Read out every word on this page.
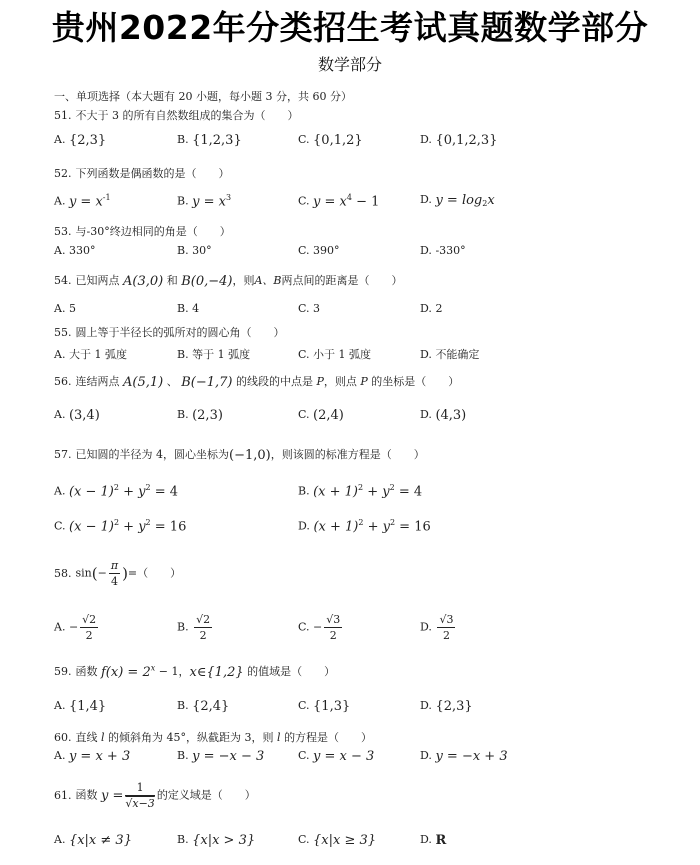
贵州2022年分类招生考试真题数学部分
数学部分
一、单项选择（本大题有 20 小题，每小题 3 分，共 60 分）
51. 不大于 3 的所有自然数组成的集合为（　　）
A. {2,3}	B. {1,2,3}	C. {0,1,2}	D. {0,1,2,3}
52. 下列函数是偶函数的是（　　）
A. $y = x^{-1}$	B. $y = x^3$	C. $y = x^4 - 1$	D. $y = \log_2x$
53. 与-30°终边相同的角是（　　）
A. 330°	B. 30°	C. 390°	D. -330°
54. 已知两点 A(3,0) 和 B(0,−4)，则A、B两点间的距离是（　　）
A. 5	B. 4	C. 3	D. 2
55. 圆上等于半径长的弧所对的圆心角（　　）
A. 大于 1 弧度	B. 等于 1 弧度	C. 小于 1 弧度	D. 不能确定
56. 连结两点 A(5,1) 、 B(−1,7) 的线段的中点是 P，则点 P 的坐标是（　　）
A. (3,4)	B. (2,3)	C. (2,4)	D. (4,3)
57. 已知圆的半径为 4，圆心坐标为(−1,0)，则该圆的标准方程是（　　）
A. $(x - 1)^2 + y^2 = 4$	B. $(x + 1)^2 + y^2 = 4$
C. $(x - 1)^2 + y^2 = 16$	D. $(x + 1)^2 + y^2 = 16$
58. $\sin(- \frac{\pi}{4}$ )=（　　）
A. − $\frac{√2}{2}$	B. $\frac{√2}{2}$	C. − $\frac{√3}{2}$	D. $\frac{√3}{2}$
59. 函数 $f(x) = 2^x - 1$，x∈{1,2} 的值域是（　　）
A. {1,4}	B. {2,4}	C. {1,3}	D. {2,3}
60. 直线 l 的倾斜角为 45°，纵截距为 3，则 l 的方程是（　　）
A. y = x + 3	B. y = −x − 3	C. y = x − 3	D. y = −x + 3
61. 函数 $y = \frac{1}{√x-3}$ 的定义域是（　　）
A. {x|x ≠ 3}	B. {x|x > 3}	C. {x|x ≥ 3}	D. R
